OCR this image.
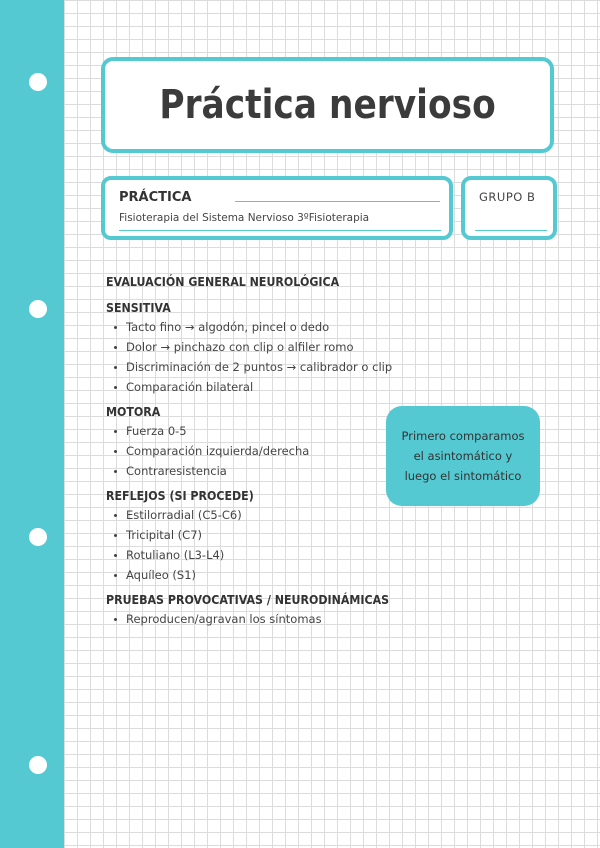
Práctica nervioso
PRÁCTICA
Fisioterapia del Sistema Nervioso 3ºFisioterapia
GRUPO B
EVALUACIÓN GENERAL NEUROLÓGICA
SENSITIVA
Tacto fino → algodón, pincel o dedo
Dolor → pinchazo con clip o alfiler romo
Discriminación de 2 puntos → calibrador o clip
Comparación bilateral
MOTORA
Fuerza 0-5
Comparación izquierda/derecha
Contraresistencia
REFLEJOS (SI PROCEDE)
Estilorradial (C5-C6)
Tricipital (C7)
Rotuliano (L3-L4)
Aquíleo (S1)
PRUEBAS PROVOCATIVAS / NEURODINÁMICAS
Reproducen/agravan los síntomas
Primero comparamos
el asintomático y
luego el sintomático
